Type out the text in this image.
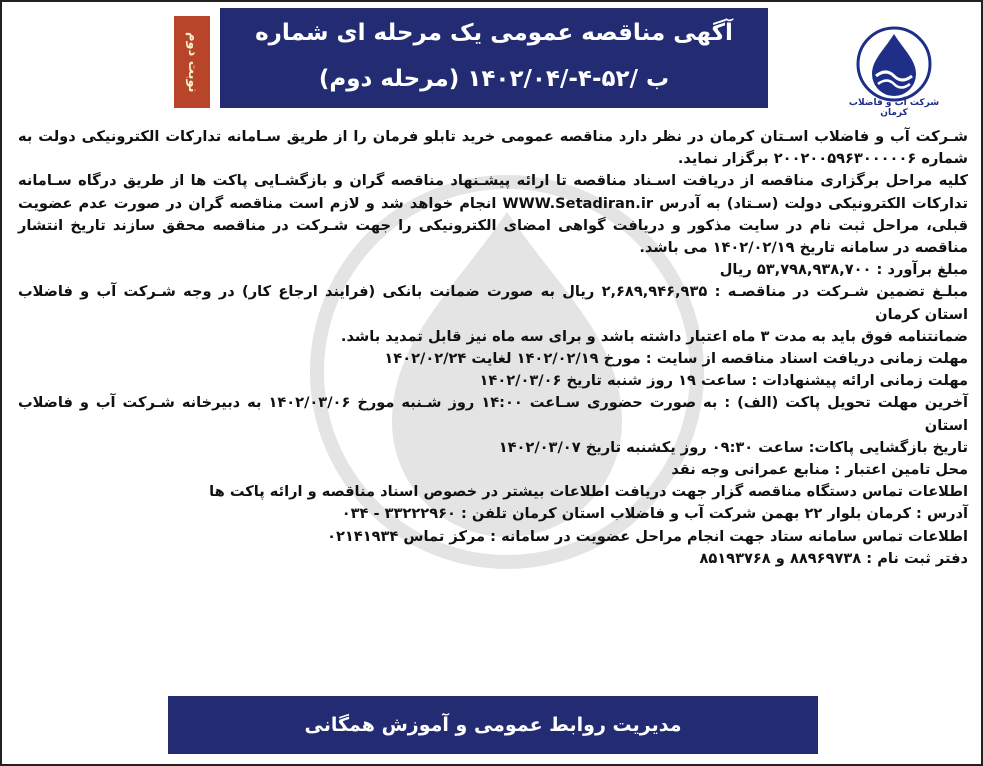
آگهی مناقصه عمومی یک مرحله ای شماره
ب /۵۲-۴-/۱۴۰۲/۰۴ (مرحله دوم)
نوبت دوم
شرکت آب و فاضلاب کرمان

شـرکت آب و فاضلاب اسـتان کرمان در نظر دارد مناقصه عمومی خرید تابلو فرمان را از طریق سـامانه تدارکات الکترونیکی دولت به شماره ۲۰۰۲۰۰۵۹۶۳۰۰۰۰۰۶ برگزار نماید.

کلیه مراحل برگزاری مناقصه از دریافت اسـناد مناقصه تا ارائه پیشـنهاد مناقصه گران و بازگشـایی پاکت ها از طریق درگاه سـامانه تدارکات الکترونیکی دولت (سـتاد) به آدرس WWW.Setadiran.ir انجام خواهد شد و لازم است مناقصه گران در صورت عدم عضویت قبلی، مراحل ثبت نام در سایت مذکور و دریافت گواهی امضای الکترونیکی را جهت شـرکت در مناقصه محقق سازند تاریخ انتشار مناقصه در سامانه تاریخ ۱۴۰۲/۰۲/۱۹ می باشد.

مبلغ برآورد : ۵۳,۷۹۸,۹۳۸,۷۰۰ ریال

مبلـغ تضمین شـرکت در مناقصـه : ۲,۶۸۹,۹۴۶,۹۳۵ ریال به صورت ضمانت بانکی (فرایند ارجاع کار) در وجه شـرکت آب و فاضلاب استان کرمان

ضمانتنامه فوق باید به مدت ۳ ماه اعتبار داشته باشد و برای سه ماه نیز قابل تمدید باشد.

مهلت زمانی دریافت اسناد مناقصه از سایت : مورخ ۱۴۰۲/۰۲/۱۹ لغایت ۱۴۰۲/۰۲/۲۴

مهلت زمانی ارائه پیشنهادات : ساعت ۱۹ روز شنبه تاریخ ۱۴۰۲/۰۳/۰۶

آخرین مهلت تحویل پاکت (الف) : به صورت حضوری سـاعت ۱۴:۰۰ روز شـنبه مورخ ۱۴۰۲/۰۳/۰۶ به دبیرخانه شـرکت آب و فاضلاب استان

تاریخ بازگشایی پاکات: ساعت ۰۹:۳۰ روز یکشنبه تاریخ ۱۴۰۲/۰۳/۰۷

محل تامین اعتبار : منابع عمرانی وجه نقد

اطلاعات تماس دستگاه مناقصه گزار جهت دریافت اطلاعات بیشتر در خصوص اسناد مناقصه و ارائه پاکت ها

آدرس : کرمان بلوار ۲۲ بهمن شرکت آب و فاضلاب استان کرمان تلفن : ۳۳۲۲۲۹۶۰ - ۰۳۴

اطلاعات تماس سامانه ستاد جهت انجام مراحل عضویت در سامانه : مرکز تماس ۰۲۱۴۱۹۳۴

دفتر ثبت نام : ۸۸۹۶۹۷۳۸ و ۸۵۱۹۳۷۶۸

مدیریت روابط عمومی و آموزش همگانی
